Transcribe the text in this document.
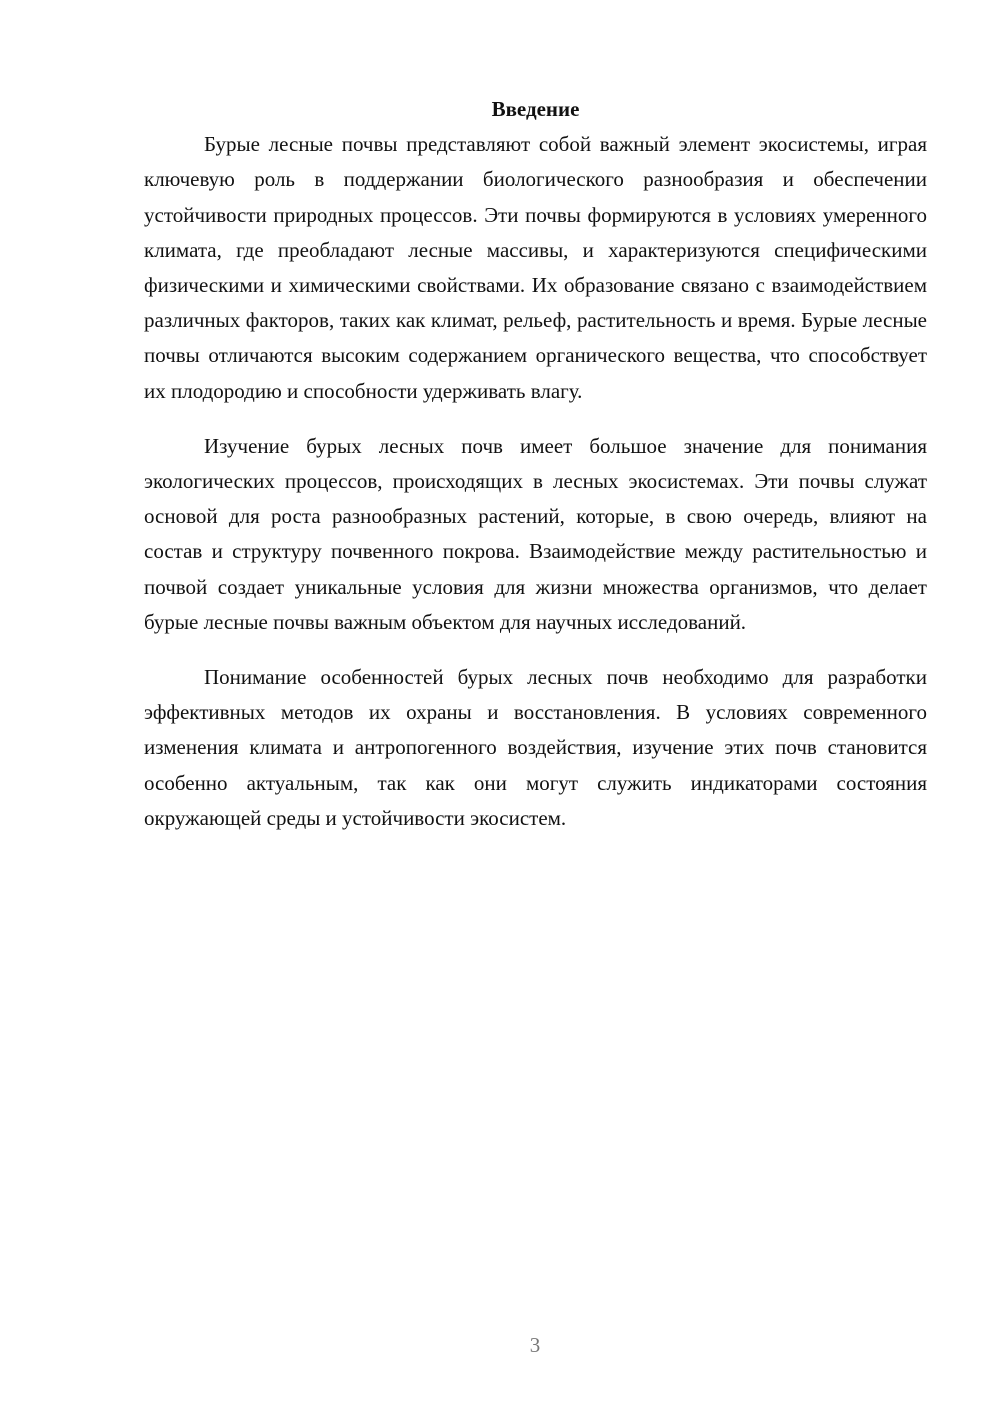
Введение

Бурые лесные почвы представляют собой важный элемент экосистемы, играя ключевую роль в поддержании биологического разнообразия и обеспечении устойчивости природных процессов. Эти почвы формируются в условиях умеренного климата, где преобладают лесные массивы, и характеризуются специфическими физическими и химическими свойствами. Их образование связано с взаимодействием различных факторов, таких как климат, рельеф, растительность и время. Бурые лесные почвы отличаются высоким содержанием органического вещества, что способствует их плодородию и способности удерживать влагу.

Изучение бурых лесных почв имеет большое значение для понимания экологических процессов, происходящих в лесных экосистемах. Эти почвы служат основой для роста разнообразных растений, которые, в свою очередь, влияют на состав и структуру почвенного покрова. Взаимодействие между растительностью и почвой создает уникальные условия для жизни множества организмов, что делает бурые лесные почвы важным объектом для научных исследований.

Понимание особенностей бурых лесных почв необходимо для разработки эффективных методов их охраны и восстановления. В условиях современного изменения климата и антропогенного воздействия, изучение этих почв становится особенно актуальным, так как они могут служить индикаторами состояния окружающей среды и устойчивости экосистем.

3
